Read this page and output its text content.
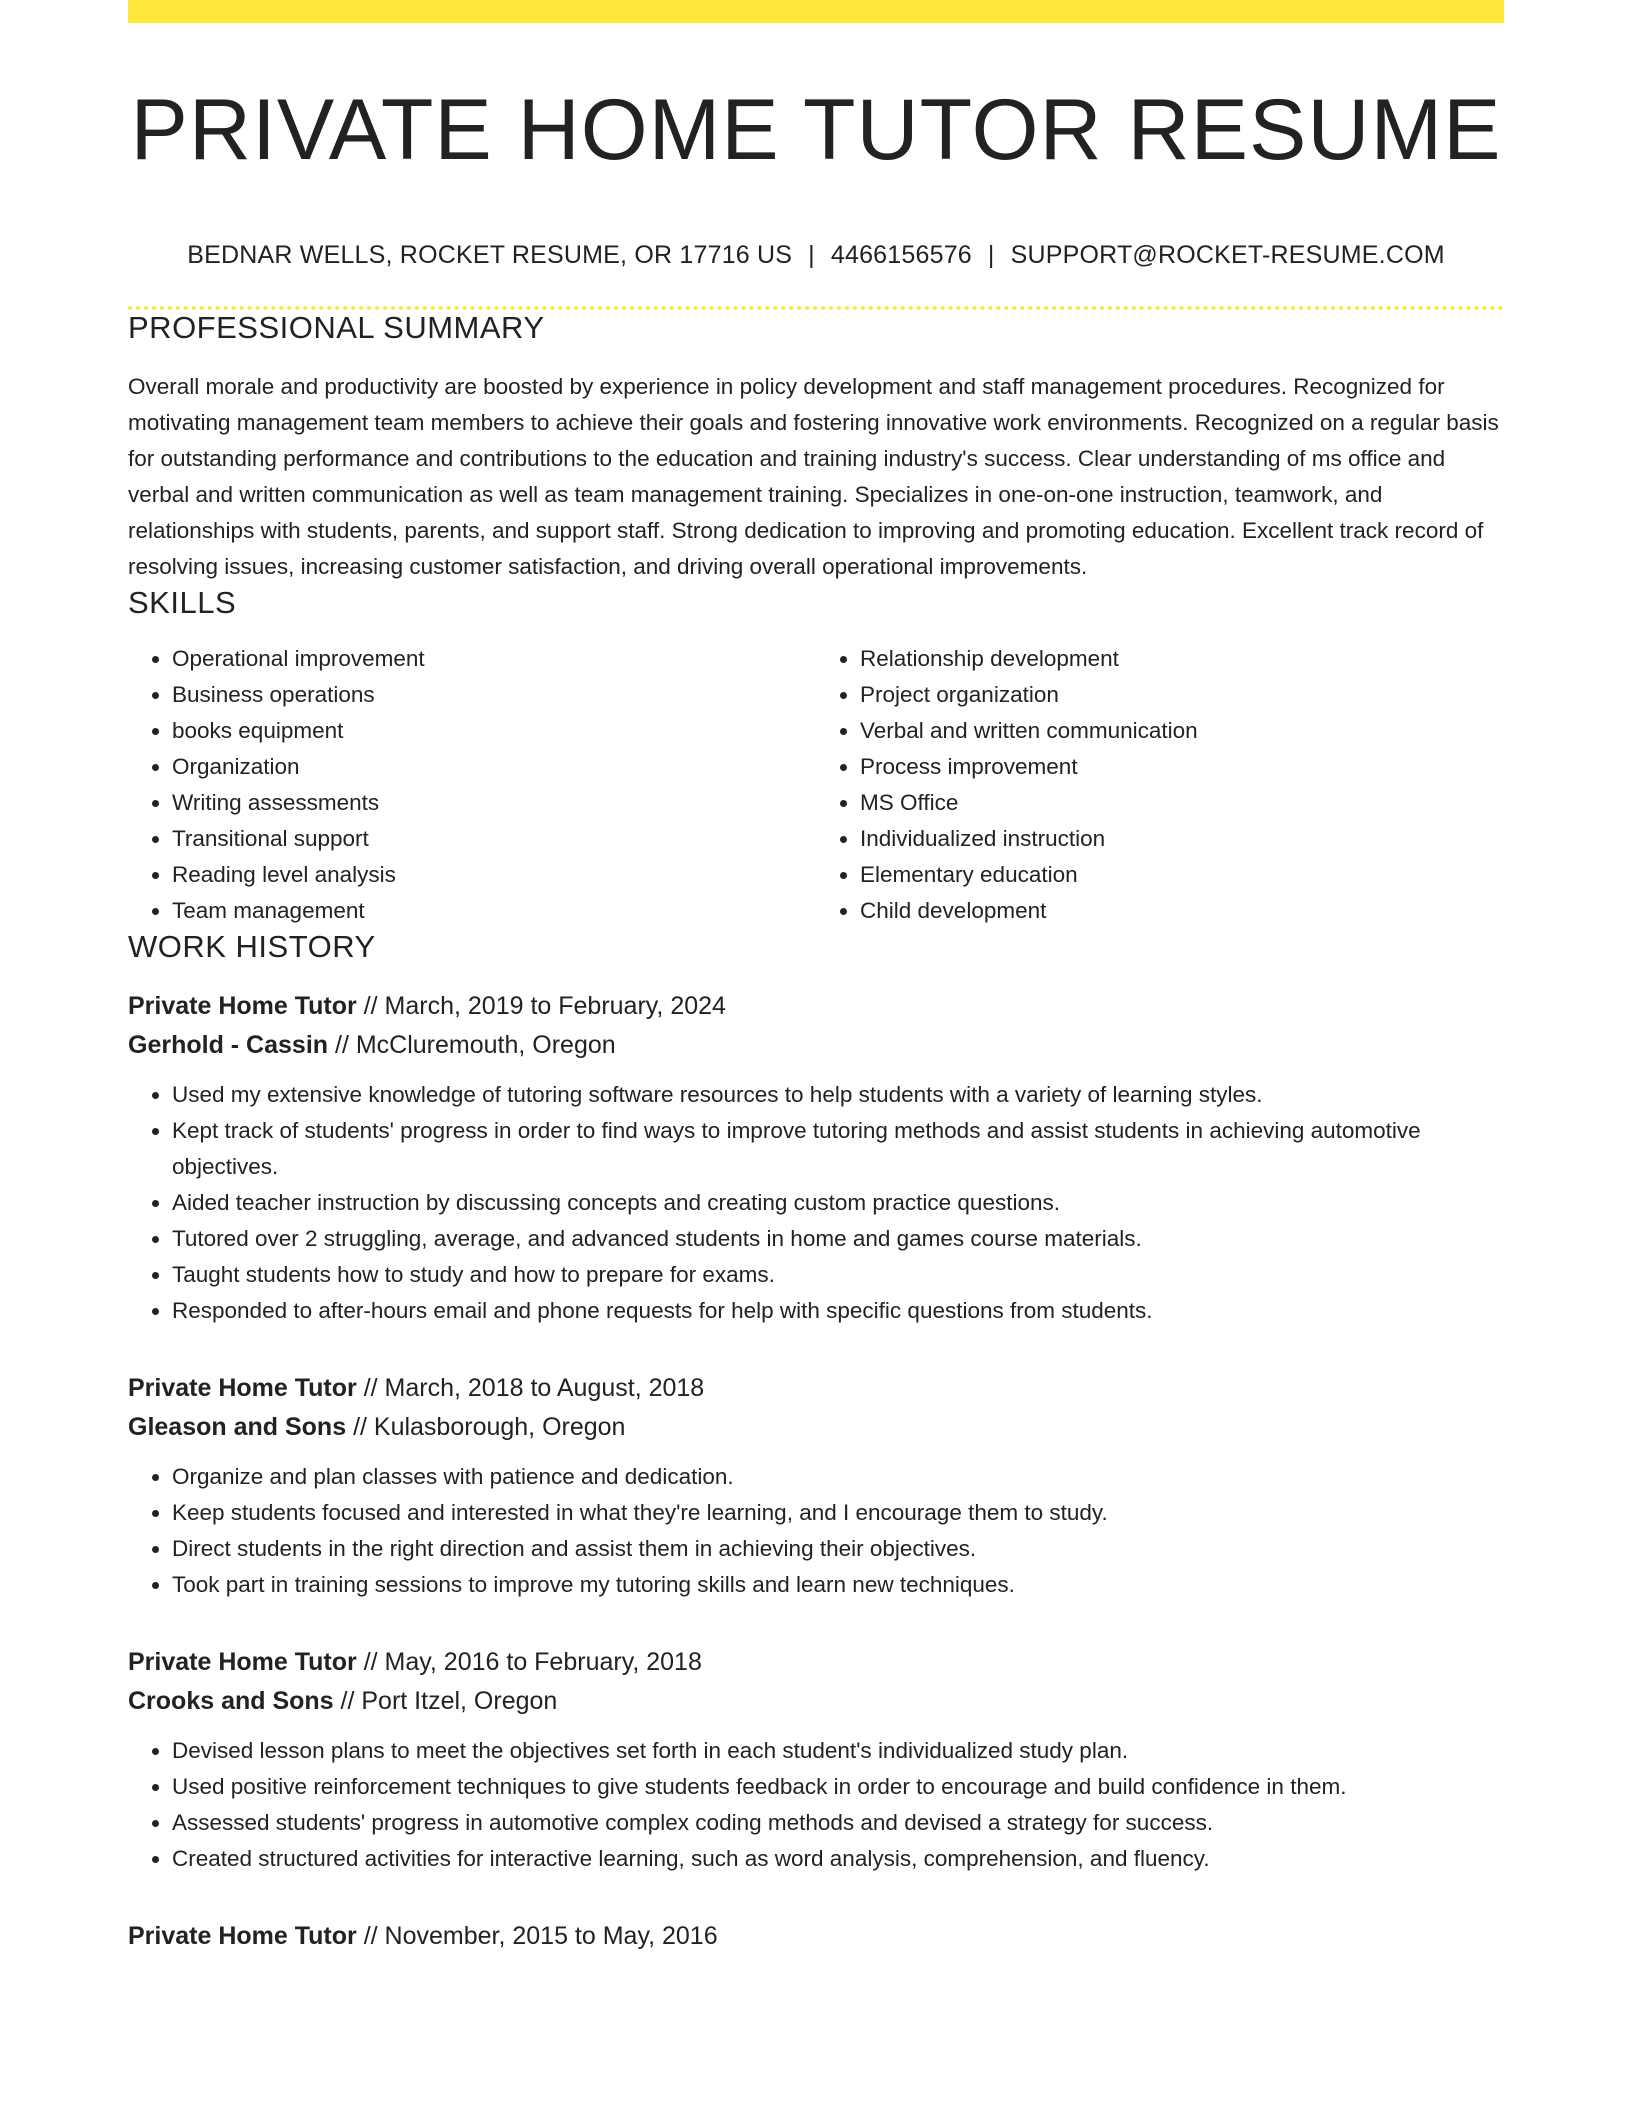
PRIVATE HOME TUTOR RESUME
BEDNAR WELLS, ROCKET RESUME, OR 17716 US | 4466156576 | SUPPORT@ROCKET-RESUME.COM
PROFESSIONAL SUMMARY

Overall morale and productivity are boosted by experience in policy development and staff management procedures. Recognized for motivating management team members to achieve their goals and fostering innovative work environments. Recognized on a regular basis for outstanding performance and contributions to the education and training industry's success. Clear understanding of ms office and verbal and written communication as well as team management training. Specializes in one-on-one instruction, teamwork, and relationships with students, parents, and support staff. Strong dedication to improving and promoting education. Excellent track record of resolving issues, increasing customer satisfaction, and driving overall operational improvements.

SKILLS
• Operational improvement
• Business operations
• books equipment
• Organization
• Writing assessments
• Transitional support
• Reading level analysis
• Team management
• Relationship development
• Project organization
• Verbal and written communication
• Process improvement
• MS Office
• Individualized instruction
• Elementary education
• Child development
WORK HISTORY
Private Home Tutor // March, 2019 to February, 2024
Gerhold - Cassin // McCluremouth, Oregon
• Used my extensive knowledge of tutoring software resources to help students with a variety of learning styles.
• Kept track of students' progress in order to find ways to improve tutoring methods and assist students in achieving automotive objectives.
• Aided teacher instruction by discussing concepts and creating custom practice questions.
• Tutored over 2 struggling, average, and advanced students in home and games course materials.
• Taught students how to study and how to prepare for exams.
• Responded to after-hours email and phone requests for help with specific questions from students.
Private Home Tutor // March, 2018 to August, 2018
Gleason and Sons // Kulasborough, Oregon
• Organize and plan classes with patience and dedication.
• Keep students focused and interested in what they're learning, and I encourage them to study.
• Direct students in the right direction and assist them in achieving their objectives.
• Took part in training sessions to improve my tutoring skills and learn new techniques.
Private Home Tutor // May, 2016 to February, 2018
Crooks and Sons // Port Itzel, Oregon
• Devised lesson plans to meet the objectives set forth in each student's individualized study plan.
• Used positive reinforcement techniques to give students feedback in order to encourage and build confidence in them.
• Assessed students' progress in automotive complex coding methods and devised a strategy for success.
• Created structured activities for interactive learning, such as word analysis, comprehension, and fluency.
Private Home Tutor // November, 2015 to May, 2016
